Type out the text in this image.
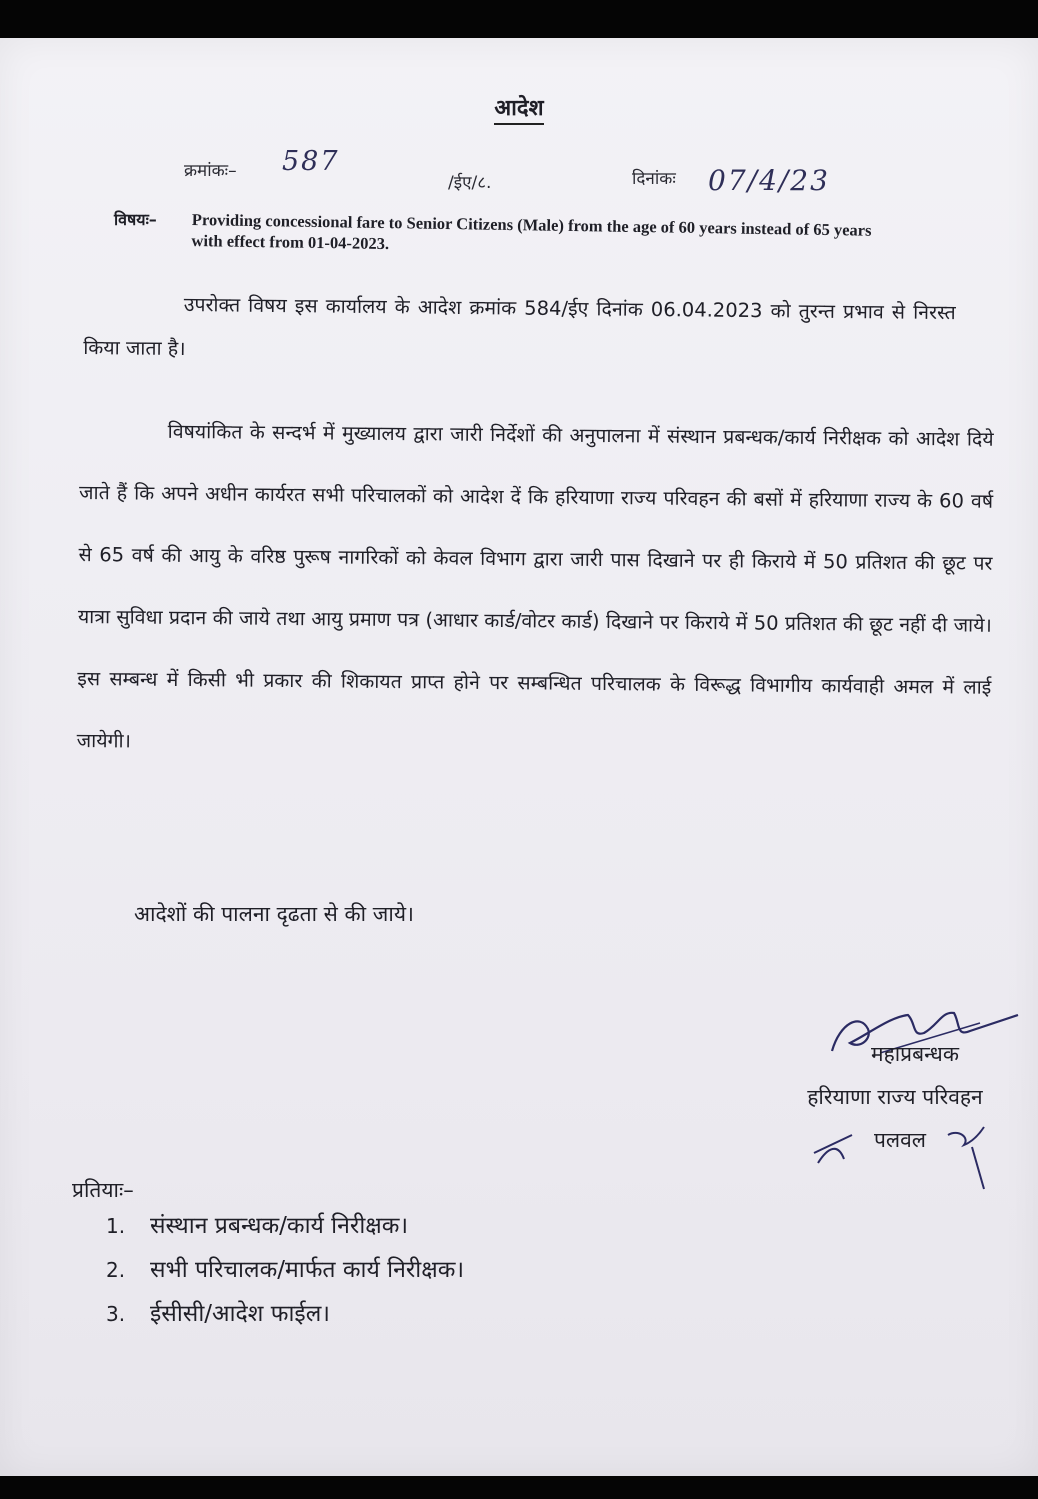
आदेश
क्रमांकः– 587
/ईए/८.	दिनांकः 07/4/23
विषयः– Providing concessional fare to Senior Citizens (Male) from the age of 60 years instead of 65 years with effect from 01-04-2023.
उपरोक्त विषय इस कार्यालय के आदेश क्रमांक 584/ईए दिनांक 06.04.2023 को तुरन्त प्रभाव से निरस्त किया जाता है।
विषयांकित के सन्दर्भ में मुख्यालय द्वारा जारी निर्देशों की अनुपालना में संस्थान प्रबन्धक/कार्य निरीक्षक को आदेश दिये जाते हैं कि अपने अधीन कार्यरत सभी परिचालकों को आदेश दें कि हरियाणा राज्य परिवहन की बसों में हरियाणा राज्य के 60 वर्ष से 65 वर्ष की आयु के वरिष्ठ पुरूष नागरिकों को केवल विभाग द्वारा जारी पास दिखाने पर ही किराये में 50 प्रतिशत की छूट पर यात्रा सुविधा प्रदान की जाये तथा आयु प्रमाण पत्र (आधार कार्ड/वोटर कार्ड) दिखाने पर किराये में 50 प्रतिशत की छूट नहीं दी जाये। इस सम्बन्ध में किसी भी प्रकार की शिकायत प्राप्त होने पर सम्बन्धित परिचालक के विरूद्ध विभागीय कार्यवाही अमल में लाई जायेगी।
आदेशों की पालना दृढता से की जाये।
महाप्रबन्धक
हरियाणा राज्य परिवहन
पलवल
प्रतियाः–
1. संस्थान प्रबन्धक/कार्य निरीक्षक।
2. सभी परिचालक/मार्फत कार्य निरीक्षक।
3. ईसीसी/आदेश फाईल।
